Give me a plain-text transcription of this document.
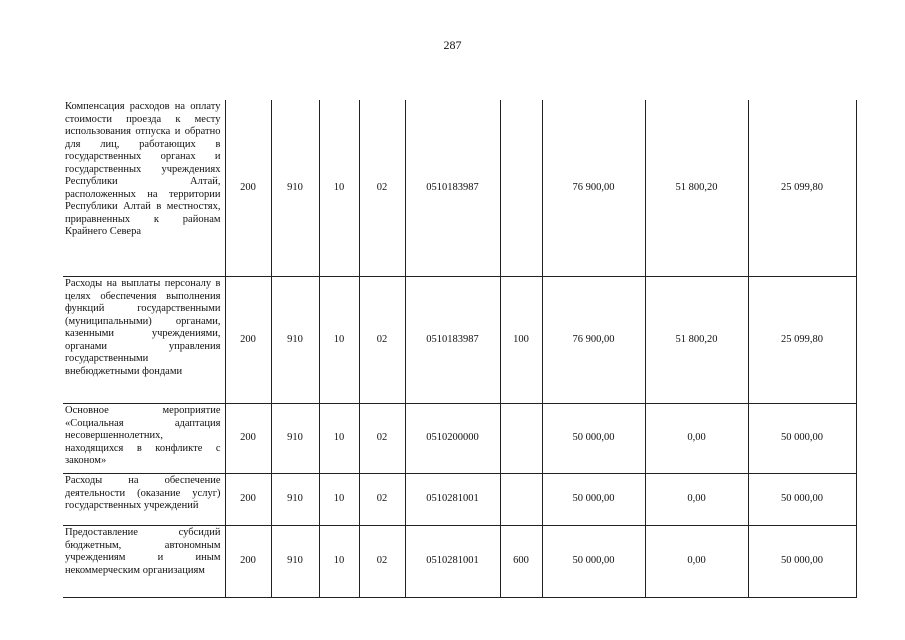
287
Компенсация расходов на оплату стоимости проезда к месту использования отпуска и обратно для лиц, работающих в государственных органах и государственных учреждениях Республики Алтай, расположенных на территории Республики Алтай в местностях, приравненных к районам Крайнего Севера	200	910	10	02	0510183987		76 900,00	51 800,20	25 099,80
Расходы на выплаты персоналу в целях обеспечения выполнения функций государственными (муниципальными) органами, казенными учреждениями, органами управления государственными внебюджетными фондами	200	910	10	02	0510183987	100	76 900,00	51 800,20	25 099,80
Основное мероприятие «Социальная адаптация несовершеннолетних, находящихся в конфликте с законом»	200	910	10	02	0510200000		50 000,00	0,00	50 000,00
Расходы на обеспечение деятельности (оказание услуг) государственных учреждений	200	910	10	02	0510281001		50 000,00	0,00	50 000,00
Предоставление субсидий бюджетным, автономным учреждениям и иным некоммерческим организациям	200	910	10	02	0510281001	600	50 000,00	0,00	50 000,00
